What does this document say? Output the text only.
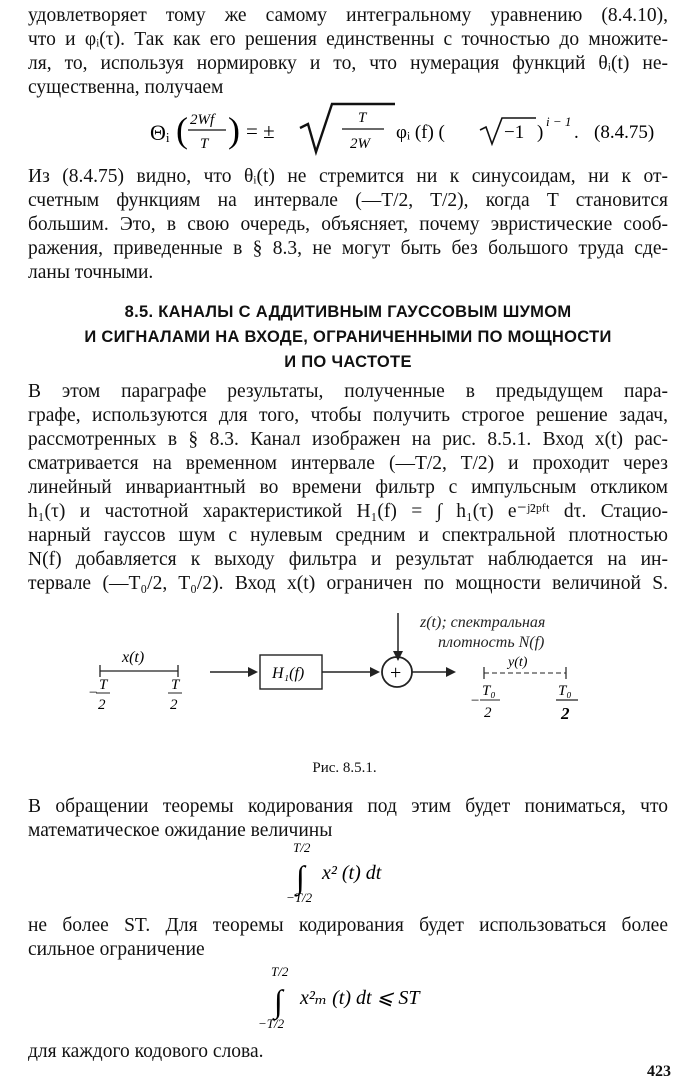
удовлетворяет тому же самому интегральному уравнению (8.4.10),
что и φᵢ(τ). Так как его решения единственны с точностью до множите-
ля, то, используя нормировку и то, что нумерация функций θᵢ(t) не-
существенна, получаем
Θᵢ ( 2Wf
T ) = ±
T
2W
φᵢ (f) (	−1 )
i − 1
. (8.4.75)
Из (8.4.75) видно, что θᵢ(t) не стремится ни к синусоидам, ни к от-
счетным функциям на интервале (—T/2, T/2), когда T становится
большим. Это, в свою очередь, объясняет, почему эвристические сооб-
ражения, приведенные в § 8.3, не могут быть без большого труда сде-
ланы точными.
8.5. КАНАЛЫ С АДДИТИВНЫМ ГАУССОВЫМ ШУМОМ
И СИГНАЛАМИ НА ВХОДЕ, ОГРАНИЧЕННЫМИ ПО МОЩНОСТИ
И ПО ЧАСТОТЕ
В этом параграфе результаты, полученные в предыдущем пара-
графе, используются для того, чтобы получить строгое решение задач,
рассмотренных в § 8.3. Канал изображен на рис. 8.5.1. Вход x(t) рас-
сматривается на временном интервале (—T/2, T/2) и проходит через
линейный инвариантный во времени фильтр с импульсным откликом
h₁(τ) и частотной характеристикой H₁(f) = ∫ h₁(τ) e⁻ʲ²ᵖᶠᵗ dτ. Стацио-
нарный гауссов шум с нулевым средним и спектральной плотностью
N(f) добавляется к выходу фильтра и результат наблюдается на ин-
тервале (—T₀/2, T₀/2). Вход x(t) ограничен по мощности величиной S.
z(t); спектральная
плотность N(f)
x(t)
− T
2
T
2
H₁(f)	+	y(t)
−
T₀
2
T₀
2
Рис. 8.5.1.
В обращении теоремы кодирования под этим будет пониматься, что
математическое ожидание величины
T/2
∫
−T/2
x² (t) dt
не более ST. Для теоремы кодирования будет использоваться более
сильное ограничение
T/2
∫
−T/2
x²ₘ (t) dt ⩽ ST
для каждого кодового слова.
423
